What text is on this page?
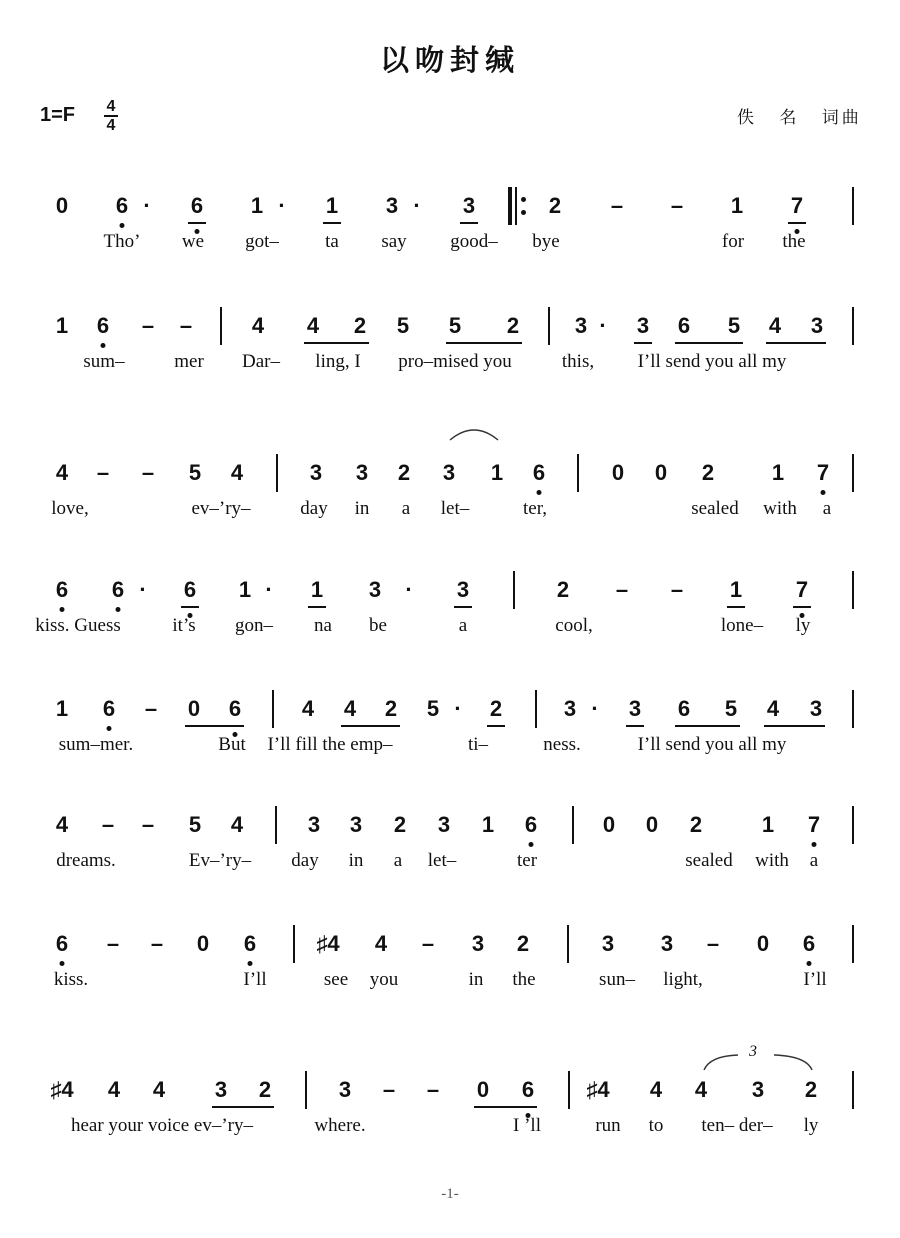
以吻封缄
1=F 4
4	佚 名 词曲
0 6 · 6 1 · 1 3 · 3	2 – – 1 7
Tho’ we got– ta say good– bye	for the
1 6 – –	4 4 2 5 5 2	3 · 3 6 5 4 3
sum–	mer Dar– ling, I pro–mised you	this, I’ll send you all my
4 – – 5 4	3 3 2 3 1 6	0 0 2	1 7
love,	ev–’ry–	day in a let–	ter,	sealed with a
6 6 · 6 1 · 1 3 · 3	2 – – 1 7
kiss. Guess	it’s gon– na be	a	cool,	lone– ly
1 6 – 0 6	4 4 2 5 · 2	3 · 3 6 5 4 3
sum–mer.	But I’ll fill the emp–	ti–	ness.	I’ll send you all my
4 – – 5 4	3 3 2 3 1 6	0 0 2	1 7
dreams.	Ev–’ry– day in a let–	ter	sealed with a
6 – – 0 6	♯4 4 – 3 2	3 3 – 0 6
kiss.	I’ll	see you	in the	sun– light,	I’ll
♯4 4 4 3 2	3 – – 0 6 ♯4 4 4 3 2
hear your voice ev–’ry–	where.	I ’ll	run to ten– der– ly
3
-1-
